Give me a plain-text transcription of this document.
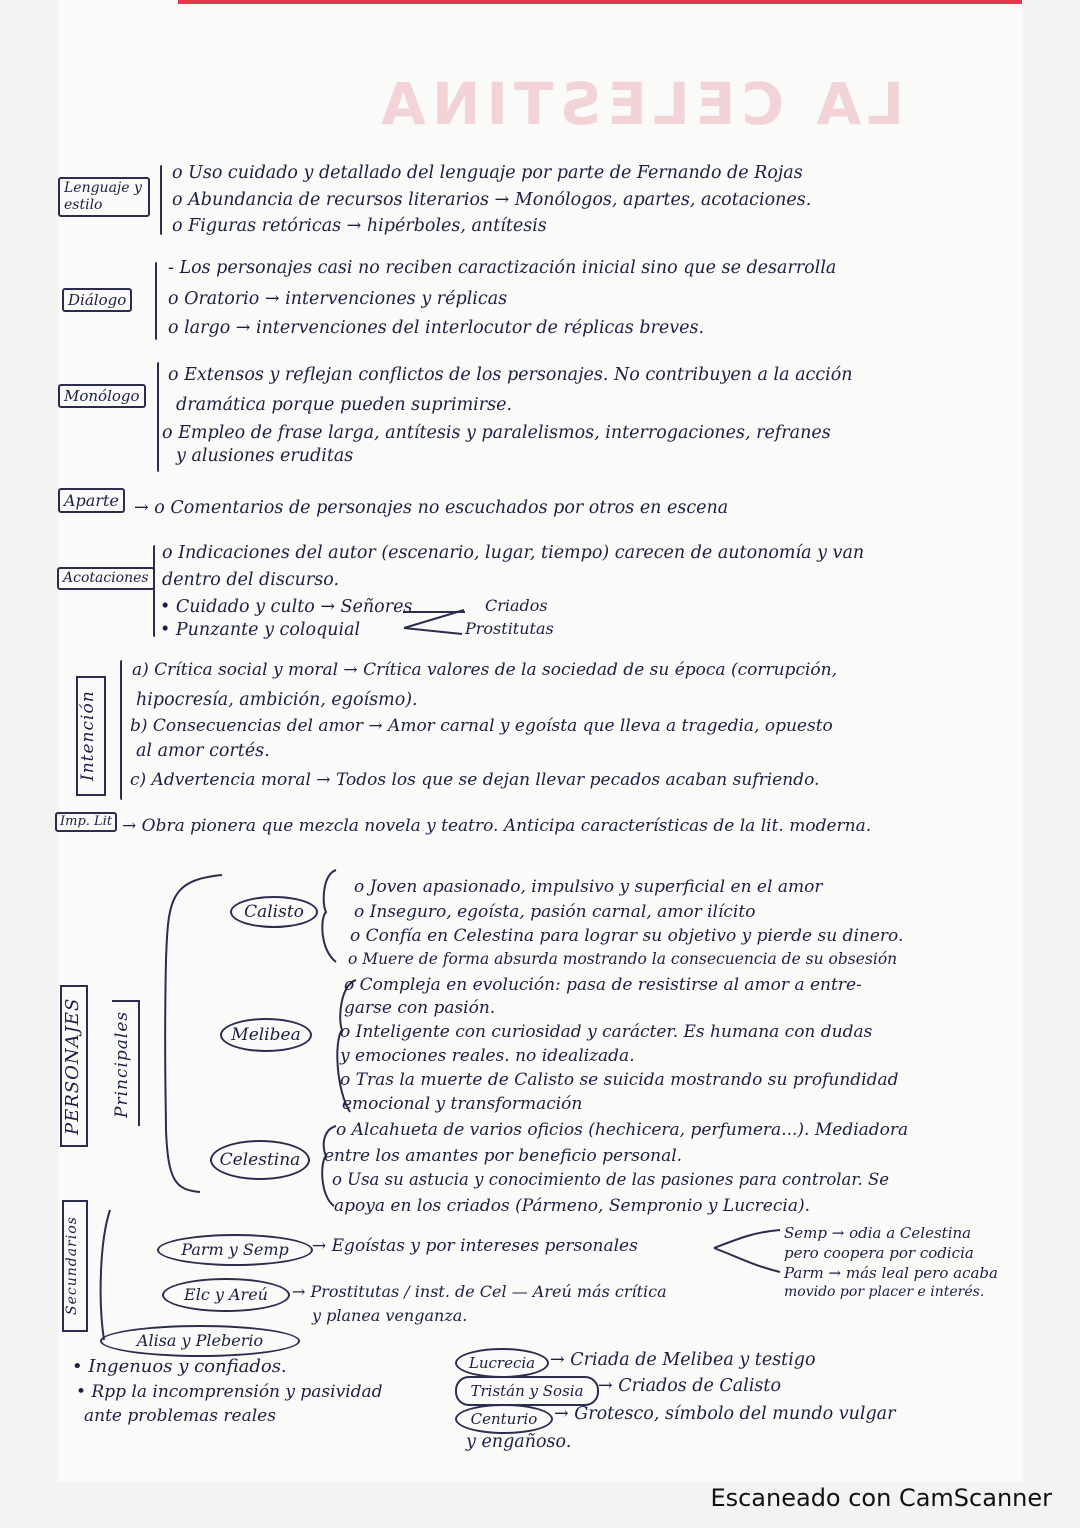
LA CELESTINA
Lenguaje y estilo
o Uso cuidado y detallado del lenguaje por parte de Fernando de Rojas
o Abundancia de recursos literarios → Monólogos, apartes, acotaciones.
o Figuras retóricas → hipérboles, antítesis
Diálogo
- Los personajes casi no reciben caractización inicial sino que se desarrolla
o Oratorio → intervenciones y réplicas
o largo → intervenciones del interlocutor de réplicas breves.
Monólogo
o Extensos y reflejan conflictos de los personajes. No contribuyen a la acción
dramática porque pueden suprimirse.
o Empleo de frase larga, antítesis y paralelismos, interrogaciones, refranes
y alusiones eruditas
Aparte → o Comentarios de personajes no escuchados por otros en escena
Acotaciones
o Indicaciones del autor (escenario, lugar, tiempo) carecen de autonomía y van
dentro del discurso.
• Cuidado y culto → Señores
• Punzante y coloquial
Criados
Prostitutas
Intención
a) Crítica social y moral → Crítica valores de la sociedad de su época (corrupción,
hipocresía, ambición, egoísmo).
b) Consecuencias del amor → Amor carnal y egoísta que lleva a tragedia, opuesto
al amor cortés.
c) Advertencia moral → Todos los que se dejan llevar pecados acaban sufriendo.
Imp. Lit → Obra pionera que mezcla novela y teatro. Anticipa características de la lit. moderna.
PERSONAJES Principales
Secundarios
Calisto
o Joven apasionado, impulsivo y superficial en el amor
o Inseguro, egoísta, pasión carnal, amor ilícito
o Confía en Celestina para lograr su objetivo y pierde su dinero.
o Muere de forma absurda mostrando la consecuencia de su obsesión
Melibea
o Compleja en evolución: pasa de resistirse al amor a entre-
garse con pasión.
o Inteligente con curiosidad y carácter. Es humana con dudas
y emociones reales. no idealizada.
o Tras la muerte de Calisto se suicida mostrando su profundidad
emocional y transformación
Celestina
o Alcahueta de varios oficios (hechicera, perfumera...). Mediadora
entre los amantes por beneficio personal.
o Usa su astucia y conocimiento de las pasiones para controlar. Se
apoya en los criados (Pármeno, Sempronio y Lucrecia).
Parm y Semp	→ Egoístas y por intereses personales
Semp → odia a Celestina
pero coopera por codicia
Parm → más leal pero acaba
movido por placer e interés.
Elc y Areú	→ Prostitutas / inst. de Cel — Areú más crítica
y planea venganza.
Alisa y Pleberio
• Ingenuos y confiados.
• Rpp la incomprensión y pasividad
ante problemas reales
Lucrecia → Criada de Melibea y testigo
Tristán y Sosia → Criados de Calisto
Centurio → Grotesco, símbolo del mundo vulgar
y engañoso.
Escaneado con CamScanner
